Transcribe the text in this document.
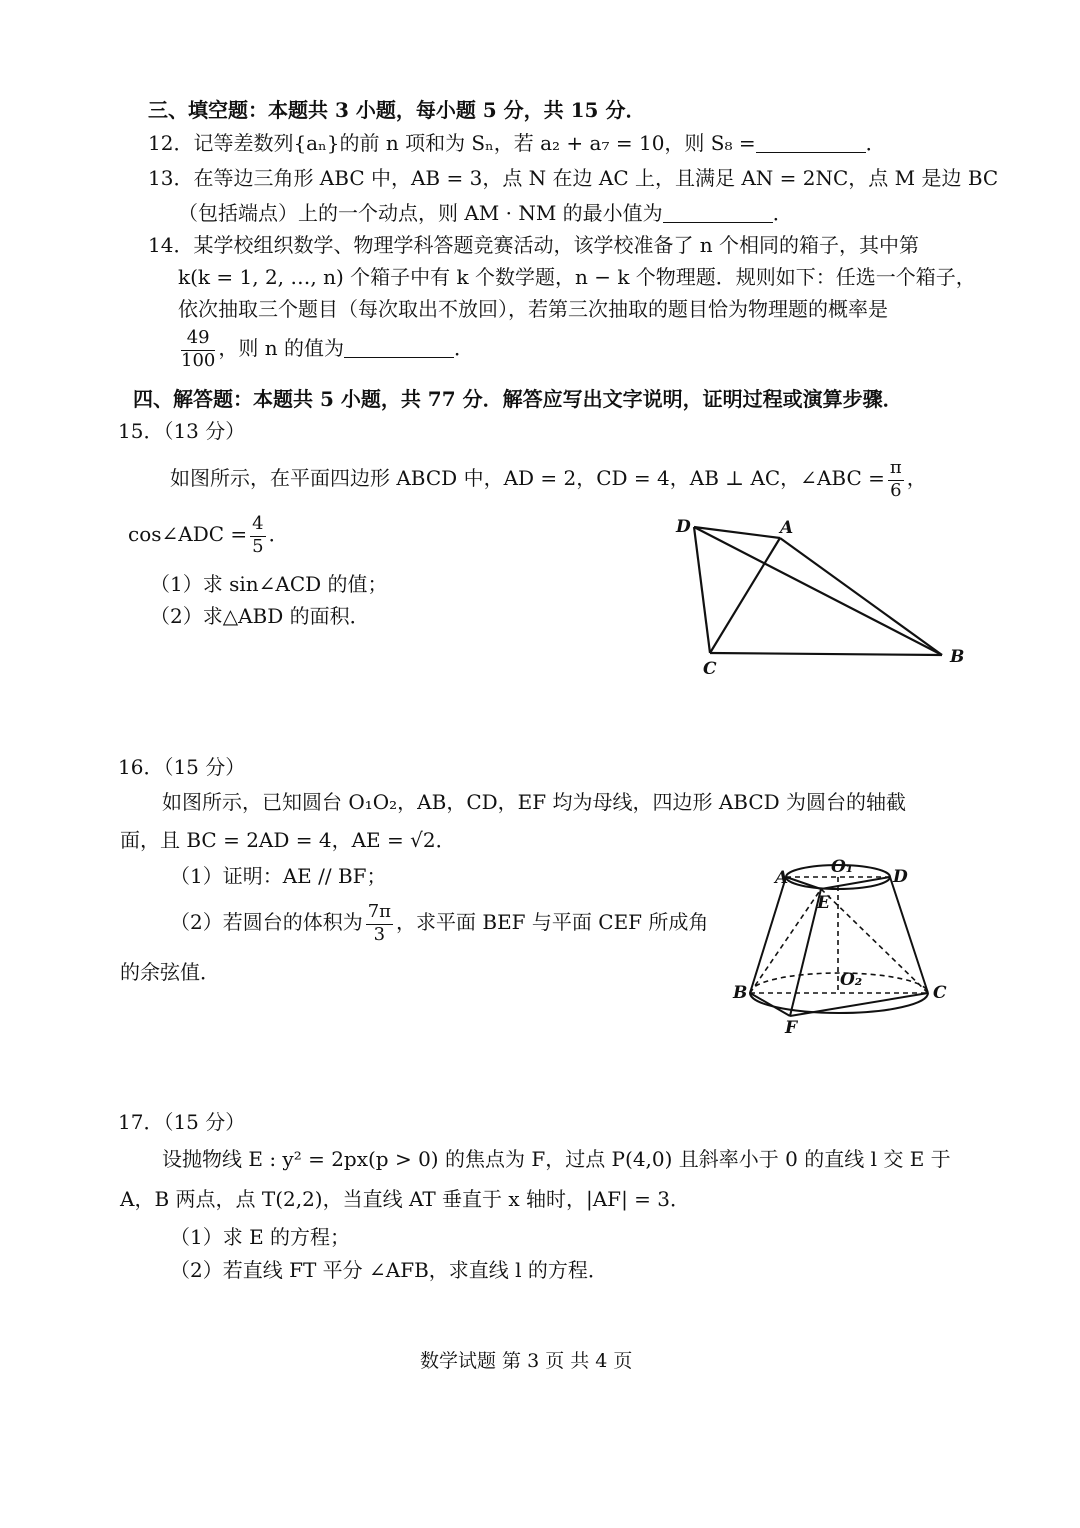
三、填空题：本题共 3 小题，每小题 5 分，共 15 分．
12．记等差数列{aₙ}的前 n 项和为 Sₙ，若 a₂ + a₇ = 10，则 S₈ =	．
13．在等边三角形 ABC 中，AB = 3，点 N 在边 AC 上，且满足 AN = 2NC，点 M 是边 BC
（包括端点）上的一个动点，则 AM · NM 的最小值为	．
14．某学校组织数学、物理学科答题竞赛活动，该学校准备了 n 个相同的箱子，其中第
k(k = 1, 2, …, n) 个箱子中有 k 个数学题，n − k 个物理题．规则如下：任选一个箱子，
依次抽取三个题目（每次取出不放回），若第三次抽取的题目恰为物理题的概率是
$\frac{49}{100}$ ，则 n 的值为	．
四、解答题：本题共 5 小题，共 77 分．解答应写出文字说明，证明过程或演算步骤．
15．（13 分）
如图所示，在平面四边形 ABCD 中，AD = 2，CD = 4，AB ⊥ AC，∠ABC = $\frac{\pi}{6}$ ，
cos∠ADC = $\frac{4}{5}$ ．
（1）求 sin∠ACD 的值；
（2）求△ABD 的面积．
D	A
C
B
16．（15 分）
如图所示，已知圆台 O₁O₂，AB，CD，EF 均为母线，四边形 ABCD 为圆台的轴截
面，且 BC = 2AD = 4，AE = √2．
（1）证明：AE // BF；
（2）若圆台的体积为 $\frac{7\pi}{3}$ ，求平面 BEF 与平面 CEF 所成角
的余弦值．
A	D
O₁
E
O₂
B	C
F
17．（15 分）
设抛物线 E : y² = 2px(p > 0) 的焦点为 F，过点 P(4,0) 且斜率小于 0 的直线 l 交 E 于
A，B 两点，点 T(2,2)，当直线 AT 垂直于 x 轴时，|AF| = 3．
（1）求 E 的方程；
（2）若直线 FT 平分 ∠AFB，求直线 l 的方程．
数学试题 第 3 页 共 4 页
